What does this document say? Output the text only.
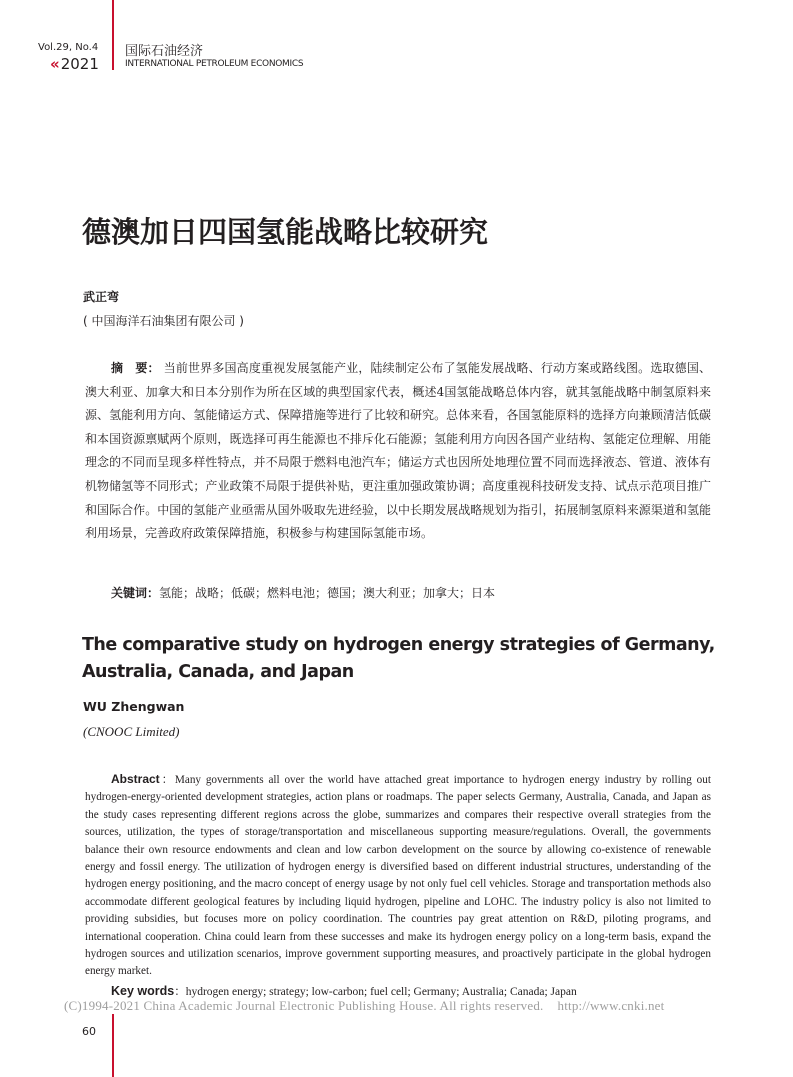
Vol.29, No.4
« 2021
国际石油经济
INTERNATIONAL PETROLEUM ECONOMICS
德澳加日四国氢能战略比较研究
武正弯
( 中国海洋石油集团有限公司 )
摘　要： 当前世界多国高度重视发展氢能产业，陆续制定公布了氢能发展战略、行动方案或路线图。选取德国、澳大利亚、加拿大和日本分别作为所在区域的典型国家代表，概述4国氢能战略总体内容，就其氢能战略中制氢原料来源、氢能利用方向、氢能储运方式、保障措施等进行了比较和研究。总体来看，各国氢能原料的选择方向兼顾清洁低碳和本国资源禀赋两个原则，既选择可再生能源也不排斥化石能源；氢能利用方向因各国产业结构、氢能定位理解、用能理念的不同而呈现多样性特点，并不局限于燃料电池汽车；储运方式也因所处地理位置不同而选择液态、管道、液体有机物储氢等不同形式；产业政策不局限于提供补贴，更注重加强政策协调；高度重视科技研发支持、试点示范项目推广和国际合作。中国的氢能产业亟需从国外吸取先进经验，以中长期发展战略规划为指引，拓展制氢原料来源渠道和氢能利用场景，完善政府政策保障措施，积极参与构建国际氢能市场。
关键词：氢能；战略；低碳；燃料电池；德国；澳大利亚；加拿大；日本
The comparative study on hydrogen energy strategies of Germany, Australia, Canada, and Japan
WU Zhengwan
(CNOOC Limited)
Abstract：Many governments all over the world have attached great importance to hydrogen energy industry by rolling out hydrogen-energy-oriented development strategies, action plans or roadmaps. The paper selects Germany, Australia, Canada, and Japan as the study cases representing different regions across the globe, summarizes and compares their respective overall strategies from the sources, utilization, the types of storage/transportation and miscellaneous supporting measure/regulations. Overall, the governments balance their own resource endowments and clean and low carbon development on the source by allowing co-existence of renewable energy and fossil energy. The utilization of hydrogen energy is diversified based on different industrial structures, understanding of the hydrogen energy positioning, and the macro concept of energy usage by not only fuel cell vehicles. Storage and transportation methods also accommodate different geological features by including liquid hydrogen, pipeline and LOHC. The industry policy is also not limited to providing subsidies, but focuses more on policy coordination. The countries pay great attention on R&D, piloting programs, and international cooperation. China could learn from these successes and make its hydrogen energy policy on a long-term basis, expand the hydrogen sources and utilization scenarios, improve government supporting measures, and proactively participate in the global hydrogen energy market.
Key words：hydrogen energy; strategy; low-carbon; fuel cell; Germany; Australia; Canada; Japan
(C)1994-2021 China Academic Journal Electronic Publishing House. All rights reserved. http://www.cnki.net
60
